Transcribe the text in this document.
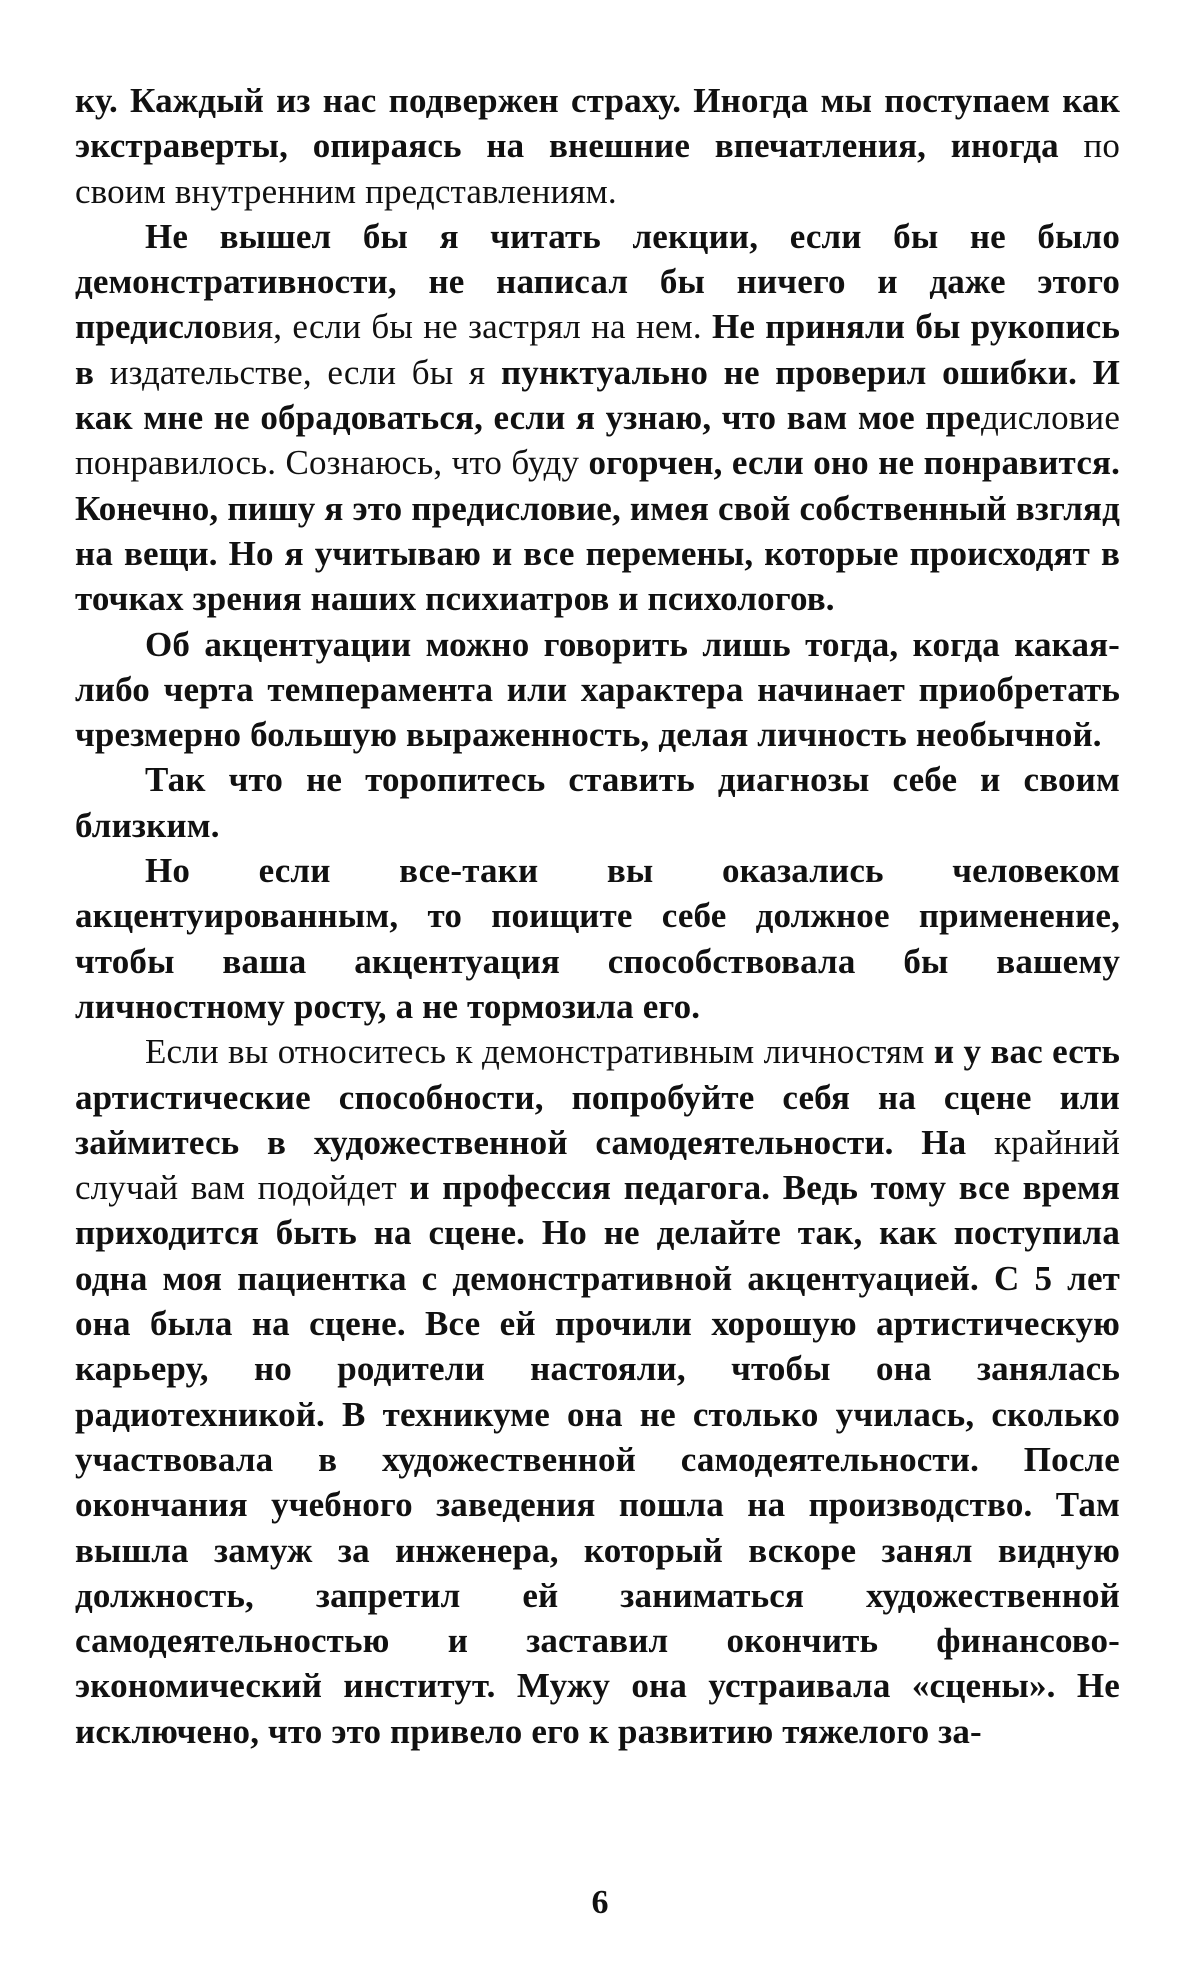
ку. Каждый из нас подвержен страху. Иногда мы поступаем как экстраверты, опираясь на внешние впечатления, иногда по своим внутренним представлениям.

Не вышел бы я читать лекции, если бы не было демонстративности, не написал бы ничего и даже этого предисловия, если бы не застрял на нем. Не приняли бы рукопись в издательстве, если бы я пунктуально не проверил ошибки. И как мне не обрадоваться, если я узнаю, что вам мое предисловие понравилось. Сознаюсь, что буду огорчен, если оно не понравится. Конечно, пишу я это предисловие, имея свой собственный взгляд на вещи. Но я учитываю и все перемены, которые происходят в точках зрения наших психиатров и психологов.

Об акцентуации можно говорить лишь тогда, когда какая-либо черта темперамента или характера начинает приобретать чрезмерно большую выраженность, делая личность необычной.

Так что не торопитесь ставить диагнозы себе и своим близким.

Но если все-таки вы оказались человеком акцентуированным, то поищите себе должное применение, чтобы ваша акцентуация способствовала бы вашему личностному росту, а не тормозила его.

Если вы относитесь к демонстративным личностям и у вас есть артистические способности, попробуйте себя на сцене или займитесь в художественной самодеятельности. На крайний случай вам подойдет и профессия педагога. Ведь тому все время приходится быть на сцене. Но не делайте так, как поступила одна моя пациентка с демонстративной акцентуацией. С 5 лет она была на сцене. Все ей прочили хорошую артистическую карьеру, но родители настояли, чтобы она занялась радиотехникой. В техникуме она не столько училась, сколько участвовала в художественной самодеятельности. После окончания учебного заведения пошла на производство. Там вышла замуж за инженера, который вскоре занял видную должность, запретил ей заниматься художественной самодеятельностью и заставил окончить финансово-экономический институт. Мужу она устраивала «сцены». Не исключено, что это привело его к развитию тяжелого за-

6
